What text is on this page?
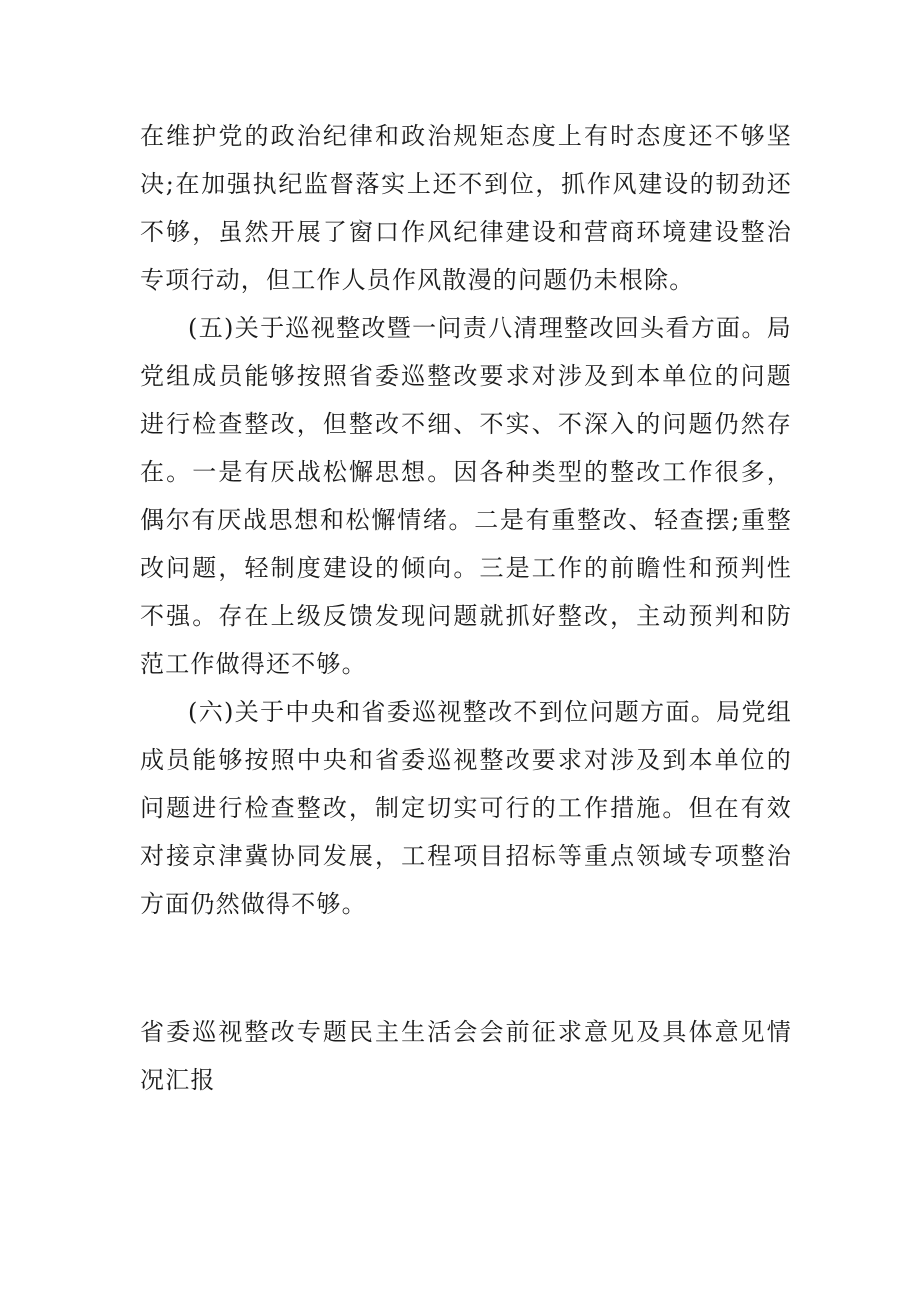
在维护党的政治纪律和政治规矩态度上有时态度还不够坚决;在加强执纪监督落实上还不到位，抓作风建设的韧劲还不够，虽然开展了窗口作风纪律建设和营商环境建设整治专项行动，但工作人员作风散漫的问题仍未根除。

(五)关于巡视整改暨一问责八清理整改回头看方面。局党组成员能够按照省委巡整改要求对涉及到本单位的问题进行检查整改，但整改不细、不实、不深入的问题仍然存在。一是有厌战松懈思想。因各种类型的整改工作很多，偶尔有厌战思想和松懈情绪。二是有重整改、轻查摆;重整改问题，轻制度建设的倾向。三是工作的前瞻性和预判性不强。存在上级反馈发现问题就抓好整改，主动预判和防范工作做得还不够。

(六)关于中央和省委巡视整改不到位问题方面。局党组成员能够按照中央和省委巡视整改要求对涉及到本单位的问题进行检查整改，制定切实可行的工作措施。但在有效对接京津冀协同发展，工程项目招标等重点领域专项整治方面仍然做得不够。

省委巡视整改专题民主生活会会前征求意见及具体意见情况汇报
